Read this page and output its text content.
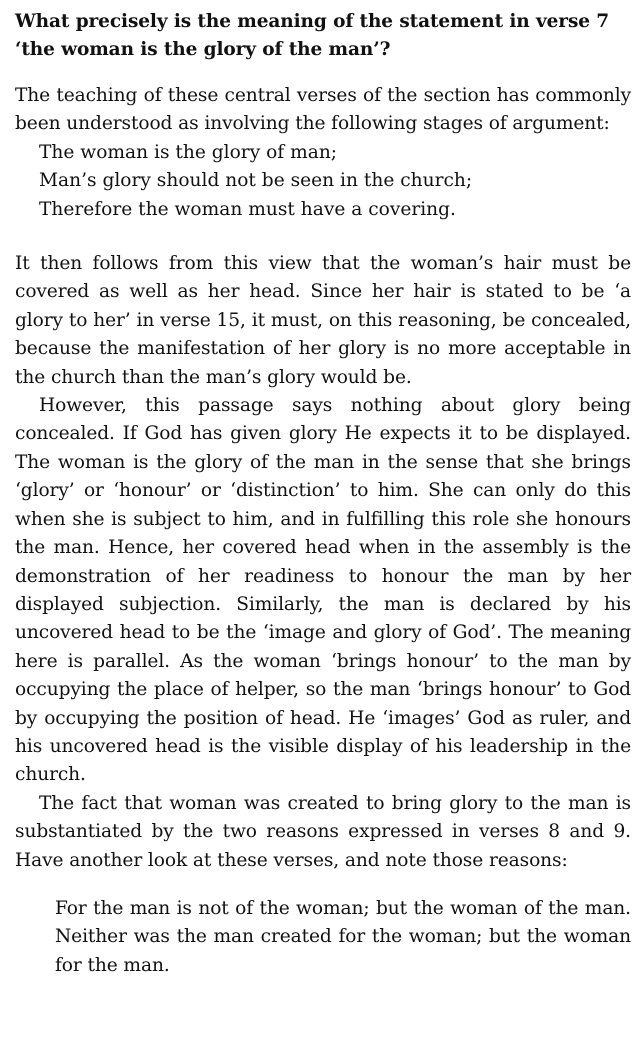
What precisely is the meaning of the statement in verse 7 ‘the woman is the glory of the man’?

The teaching of these central verses of the section has commonly been understood as involving the following stages of argument:

The woman is the glory of man;
Man’s glory should not be seen in the church;
Therefore the woman must have a covering.

It then follows from this view that the woman’s hair must be covered as well as her head. Since her hair is stated to be ‘a glory to her’ in verse 15, it must, on this reasoning, be concealed, because the manifestation of her glory is no more acceptable in the church than the man’s glory would be.

However, this passage says nothing about glory being concealed. If God has given glory He expects it to be displayed. The woman is the glory of the man in the sense that she brings ‘glory’ or ‘honour’ or ‘distinction’ to him. She can only do this when she is subject to him, and in fulfilling this role she honours the man. Hence, her covered head when in the assembly is the demonstration of her readiness to honour the man by her displayed subjection. Similarly, the man is declared by his uncovered head to be the ‘image and glory of God’. The meaning here is parallel. As the woman ‘brings honour’ to the man by occupying the place of helper, so the man ‘brings honour’ to God by occupying the position of head. He ‘images’ God as ruler, and his uncovered head is the visible display of his leadership in the church.

The fact that woman was created to bring glory to the man is substantiated by the two reasons expressed in verses 8 and 9. Have another look at these verses, and note those reasons:

For the man is not of the woman; but the woman of the man. Neither was the man created for the woman; but the woman for the man.
